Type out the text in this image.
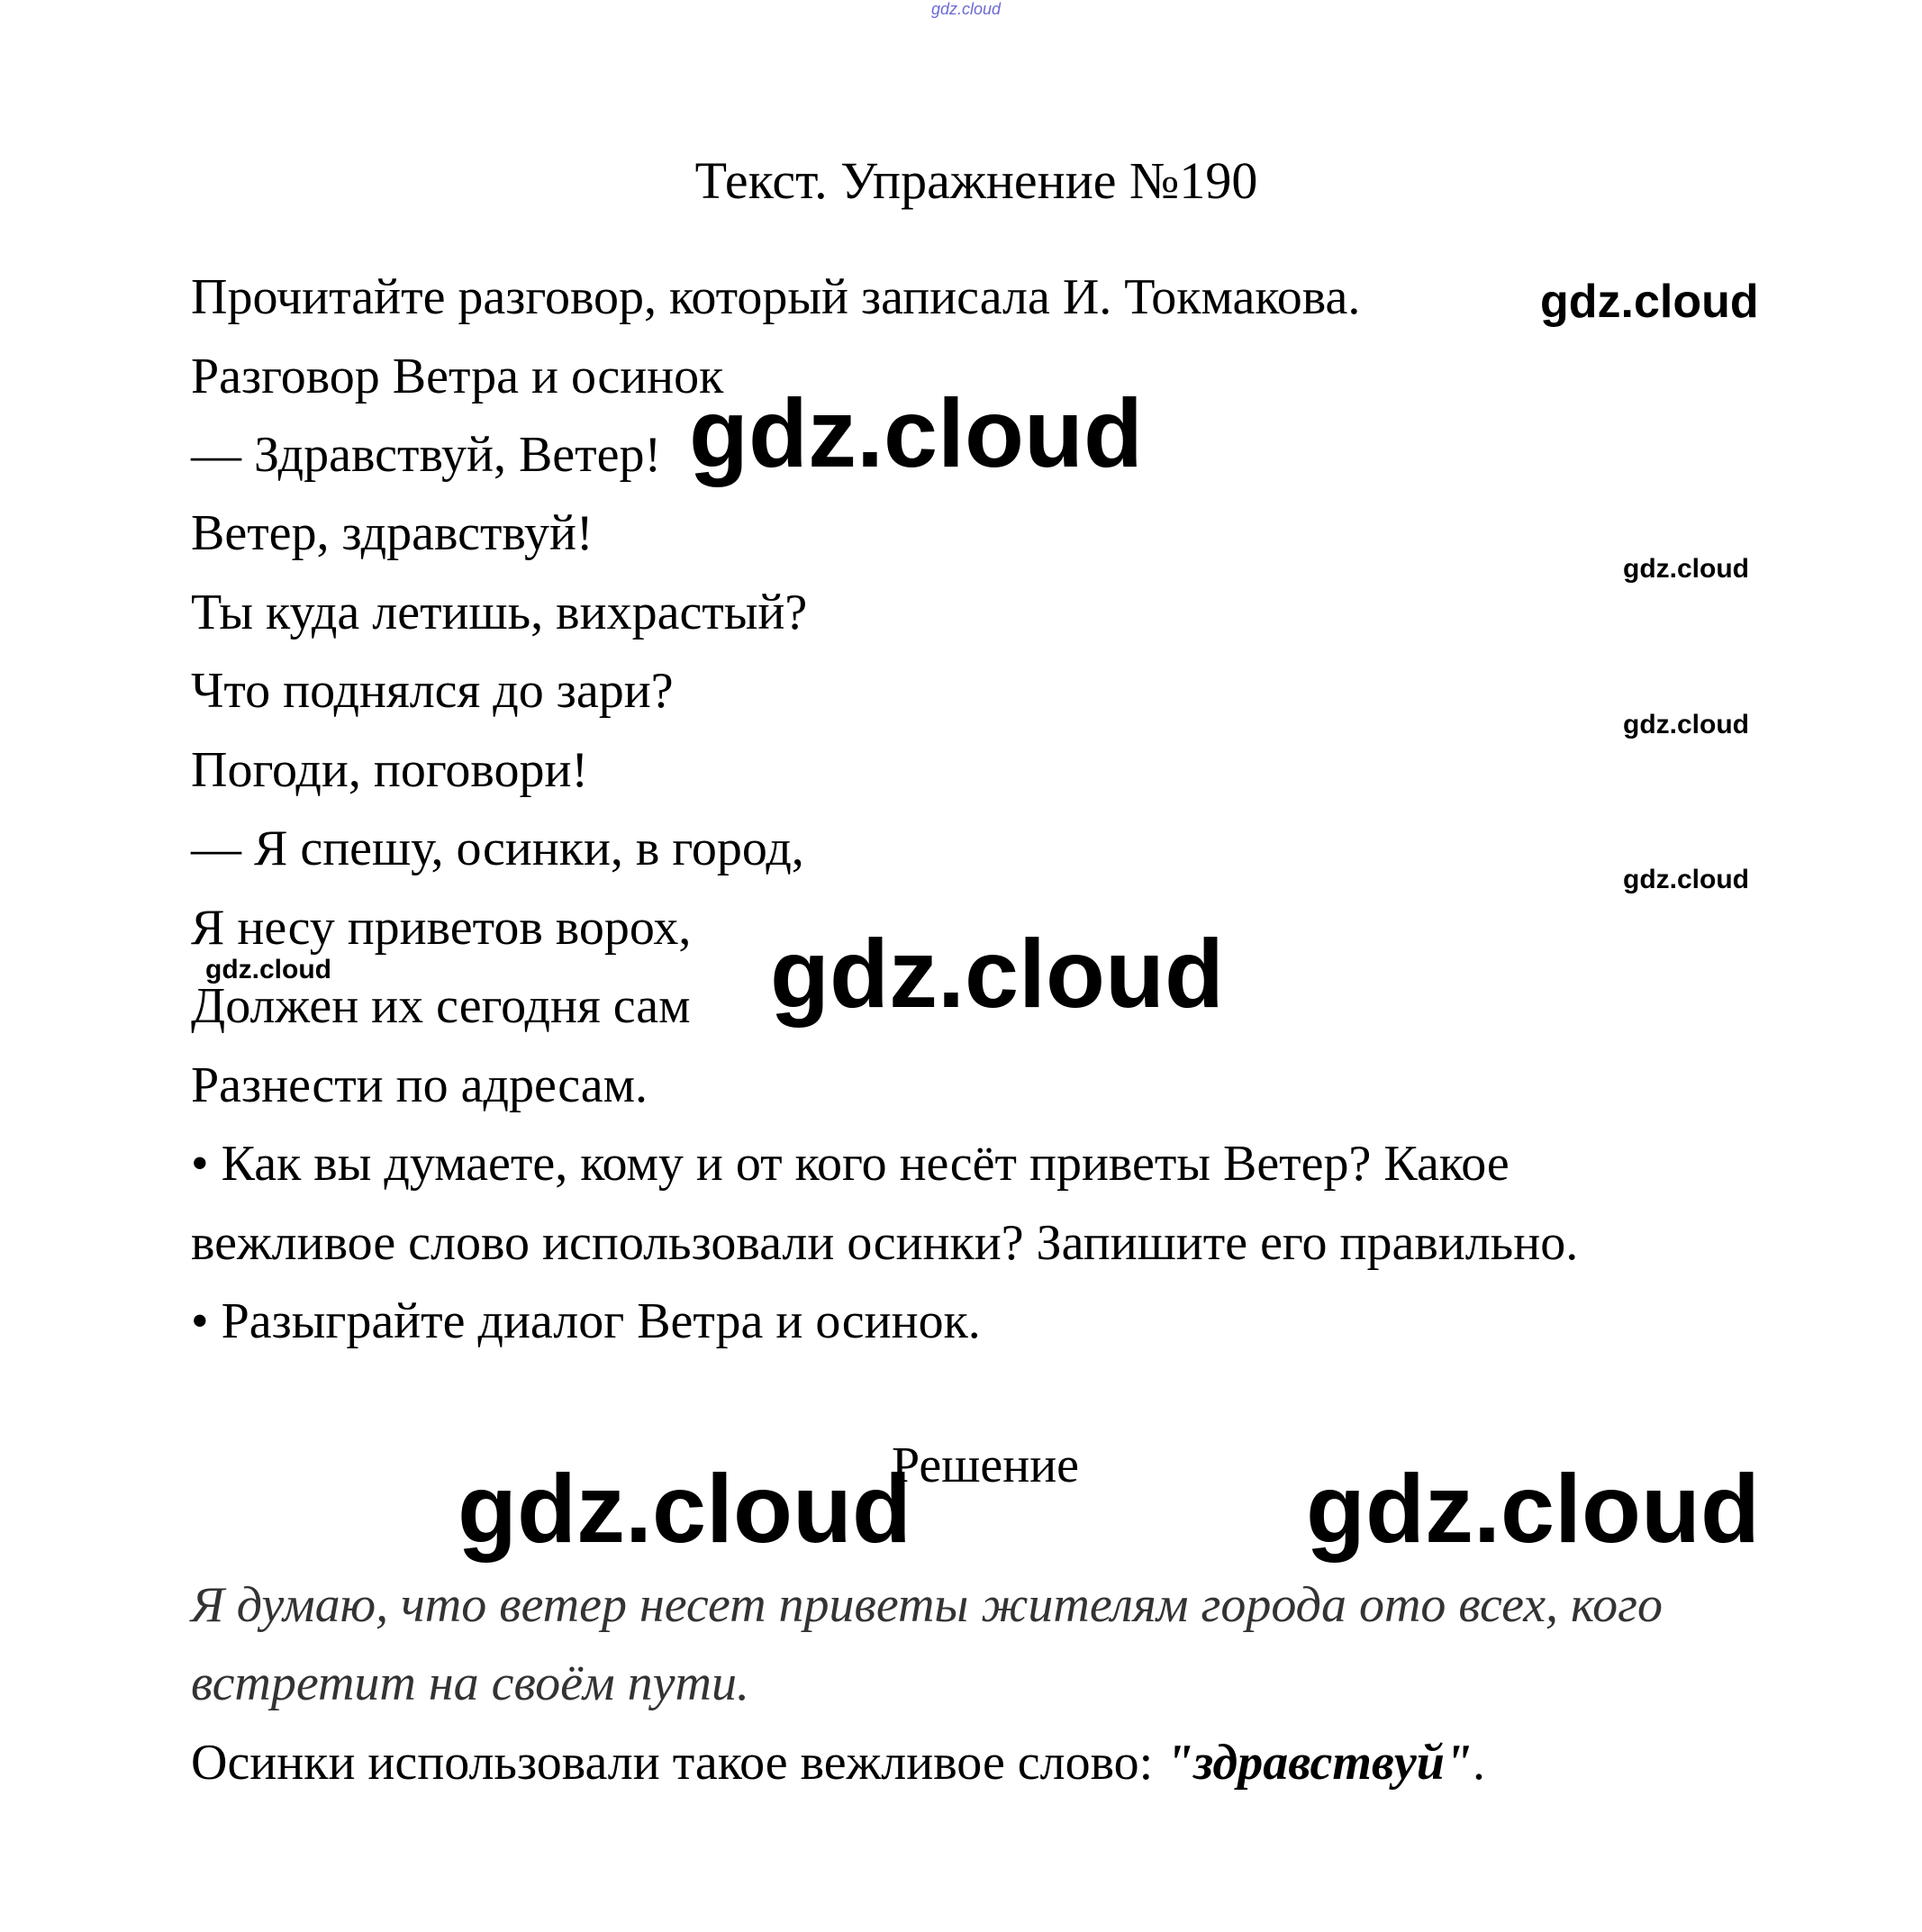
gdz.cloud
Текст. Упражнение №190
Прочитайте разговор, который записала И. Токмакова.
Разговор Ветра и осинок
— Здравствуй, Ветер!
Ветер, здравствуй!
Ты куда летишь, вихрастый?
Что поднялся до зари?
Погоди, поговори!
— Я спешу, осинки, в город,
Я несу приветов ворох,
Должен их сегодня сам
Разнести по адресам.
• Как вы думаете, кому и от кого несёт приветы Ветер? Какое
вежливое слово использовали осинки? Запишите его правильно.
• Разыграйте диалог Ветра и осинок.
Решение
Я думаю, что ветер несет приветы жителям города ото всех, кого
встретит на своём пути.
Осинки использовали такое вежливое слово: "здравствуй".
gdz.cloud
gdz.cloud
gdz.cloud
gdz.cloud
gdz.cloud
gdz.cloud	gdz.cloud
gdz.cloud	gdz.cloud
